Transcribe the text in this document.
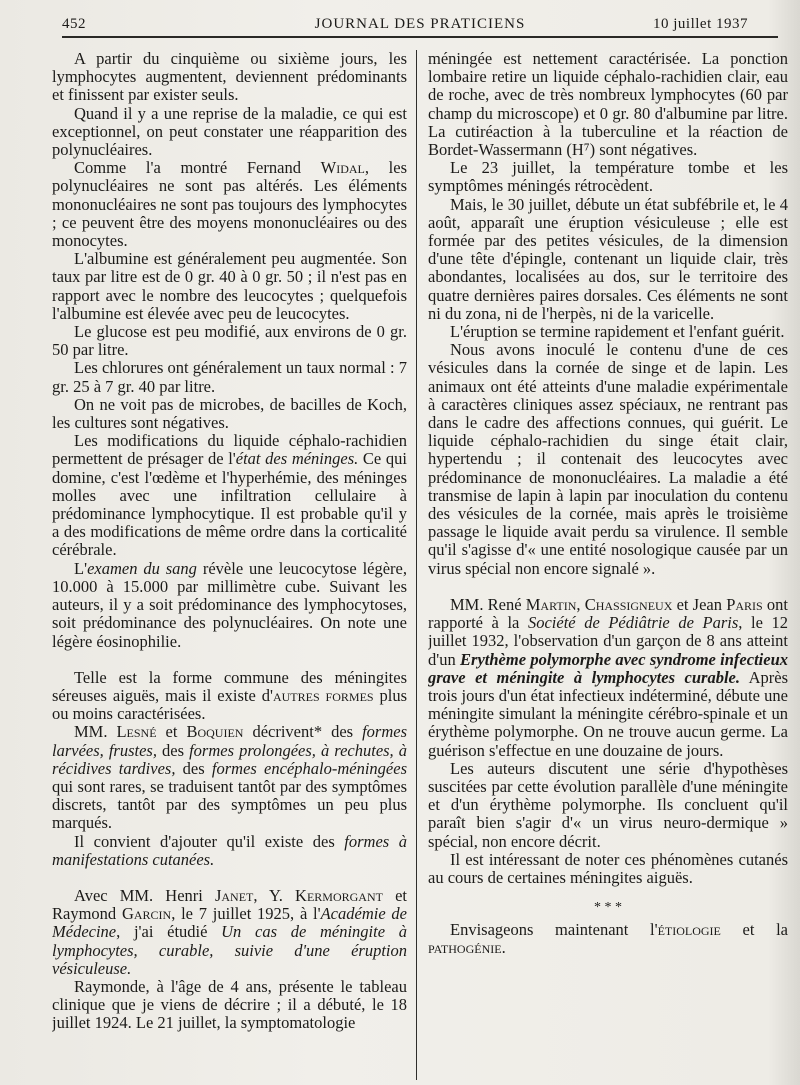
452	JOURNAL DES PRATICIENS	10 juillet 1937

A partir du cinquième ou sixième jours, les lymphocytes augmentent, deviennent prédominants et finissent par exister seuls.

Quand il y a une reprise de la maladie, ce qui est exceptionnel, on peut constater une réapparition des polynucléaires.

Comme l'a montré Fernand Widal, les polynucléaires ne sont pas altérés. Les éléments mononucléaires ne sont pas toujours des lymphocytes ; ce peuvent être des moyens mononucléaires ou des monocytes.

L'albumine est généralement peu augmentée. Son taux par litre est de 0 gr. 40 à 0 gr. 50 ; il n'est pas en rapport avec le nombre des leucocytes ; quelquefois l'albumine est élevée avec peu de leucocytes.

Le glucose est peu modifié, aux environs de 0 gr. 50 par litre.

Les chlorures ont généralement un taux normal : 7 gr. 25 à 7 gr. 40 par litre.

On ne voit pas de microbes, de bacilles de Koch, les cultures sont négatives.

Les modifications du liquide céphalo-rachidien permettent de présager de l'état des méninges. Ce qui domine, c'est l'œdème et l'hyperhémie, des méninges molles avec une infiltration cellulaire à prédominance lymphocytique. Il est probable qu'il y a des modifications de même ordre dans la corticalité cérébrale.

L'examen du sang révèle une leucocytose légère, 10.000 à 15.000 par millimètre cube. Suivant les auteurs, il y a soit prédominance des lymphocytoses, soit prédominance des polynucléaires. On note une légère éosinophilie.

Telle est la forme commune des méningites séreuses aiguës, mais il existe d'autres formes plus ou moins caractérisées.

MM. Lesné et Boquien décrivent* des formes larvées, frustes, des formes prolongées, à rechutes, à récidives tardives, des formes encéphalo-méningées qui sont rares, se traduisent tantôt par des symptômes discrets, tantôt par des symptômes un peu plus marqués.

Il convient d'ajouter qu'il existe des formes à manifestations cutanées.

Avec MM. Henri Janet, Y. Kermorgant et Raymond Garcin, le 7 juillet 1925, à l'Académie de Médecine, j'ai étudié Un cas de méningite à lymphocytes, curable, suivie d'une éruption vésiculeuse.

Raymonde, à l'âge de 4 ans, présente le tableau clinique que je viens de décrire ; il a débuté, le 18 juillet 1924. Le 21 juillet, la symptomatologie

méningée est nettement caractérisée. La ponction lombaire retire un liquide céphalo-rachidien clair, eau de roche, avec de très nombreux lymphocytes (60 par champ du microscope) et 0 gr. 80 d'albumine par litre. La cutiréaction à la tuberculine et la réaction de Bordet-Wassermann (H⁷) sont négatives.

Le 23 juillet, la température tombe et les symptômes méningés rétrocèdent.

Mais, le 30 juillet, débute un état subfébrile et, le 4 août, apparaît une éruption vésiculeuse ; elle est formée par des petites vésicules, de la dimension d'une tête d'épingle, contenant un liquide clair, très abondantes, localisées au dos, sur le territoire des quatre dernières paires dorsales. Ces éléments ne sont ni du zona, ni de l'herpès, ni de la varicelle.

L'éruption se termine rapidement et l'enfant guérit.

Nous avons inoculé le contenu d'une de ces vésicules dans la cornée de singe et de lapin. Les animaux ont été atteints d'une maladie expérimentale à caractères cliniques assez spéciaux, ne rentrant pas dans le cadre des affections connues, qui guérit. Le liquide céphalo-rachidien du singe était clair, hypertendu ; il contenait des leucocytes avec prédominance de mononucléaires. La maladie a été transmise de lapin à lapin par inoculation du contenu des vésicules de la cornée, mais après le troisième passage le liquide avait perdu sa virulence. Il semble qu'il s'agisse d'« une entité nosologique causée par un virus spécial non encore signalé ».

MM. René Martin, Chassigneux et Jean Paris ont rapporté à la Société de Pédiâtrie de Paris, le 12 juillet 1932, l'observation d'un garçon de 8 ans atteint d'un Erythème polymorphe avec syndrome infectieux grave et méningite à lymphocytes curable. Après trois jours d'un état infectieux indéterminé, débute une méningite simulant la méningite cérébro-spinale et un érythème polymorphe. On ne trouve aucun germe. La guérison s'effectue en une douzaine de jours.

Les auteurs discutent une série d'hypothèses suscitées par cette évolution parallèle d'une méningite et d'un érythème polymorphe. Ils concluent qu'il paraît bien s'agir d'« un virus neuro-dermique » spécial, non encore décrit.

Il est intéressant de noter ces phénomènes cutanés au cours de certaines méningites aiguës.

* * *

Envisageons maintenant l'étiologie et la pathogénie.
